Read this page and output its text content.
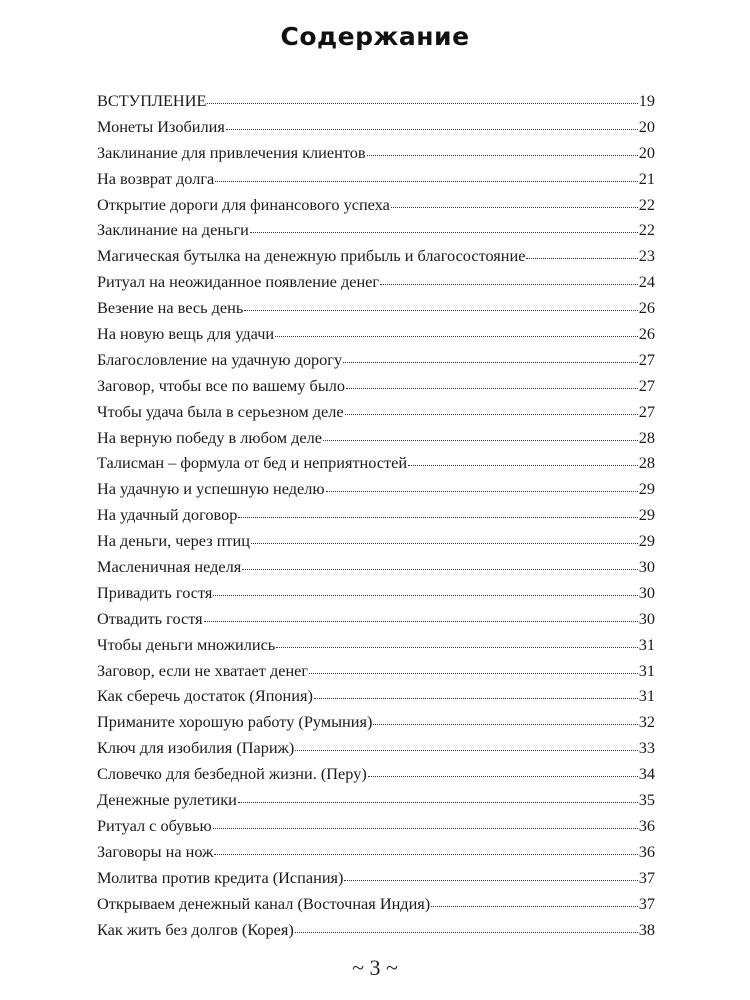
Содержание
ВСТУПЛЕНИЕ	19
Монеты Изобилия	20
Заклинание для привлечения клиентов	20
На возврат долга	21
Открытие дороги для финансового успеха	22
Заклинание на деньги	22
Магическая бутылка на денежную прибыль и благосостояние	23
Ритуал на неожиданное появление денег	24
Везение на весь день	26
На новую вещь для удачи	26
Благословление на удачную дорогу	27
Заговор, чтобы все по вашему было	27
Чтобы удача была в серьезном деле	27
На верную победу в любом деле	28
Талисман – формула от бед и неприятностей	28
На удачную и успешную неделю	29
На удачный договор	29
На деньги, через птиц	29
Масленичная неделя	30
Привадить гостя	30
Отвадить гостя	30
Чтобы деньги множились	31
Заговор, если не хватает денег	31
Как сберечь достаток (Япония)	31
Приманите хорошую работу (Румыния)	32
Ключ для изобилия (Париж)	33
Словечко для безбедной жизни. (Перу)	34
Денежные рулетики	35
Ритуал с обувью	36
Заговоры на нож	36
Молитва против кредита (Испания)	37
Открываем денежный канал (Восточная Индия)	37
Как жить без долгов (Корея)	38
~ 3 ~
